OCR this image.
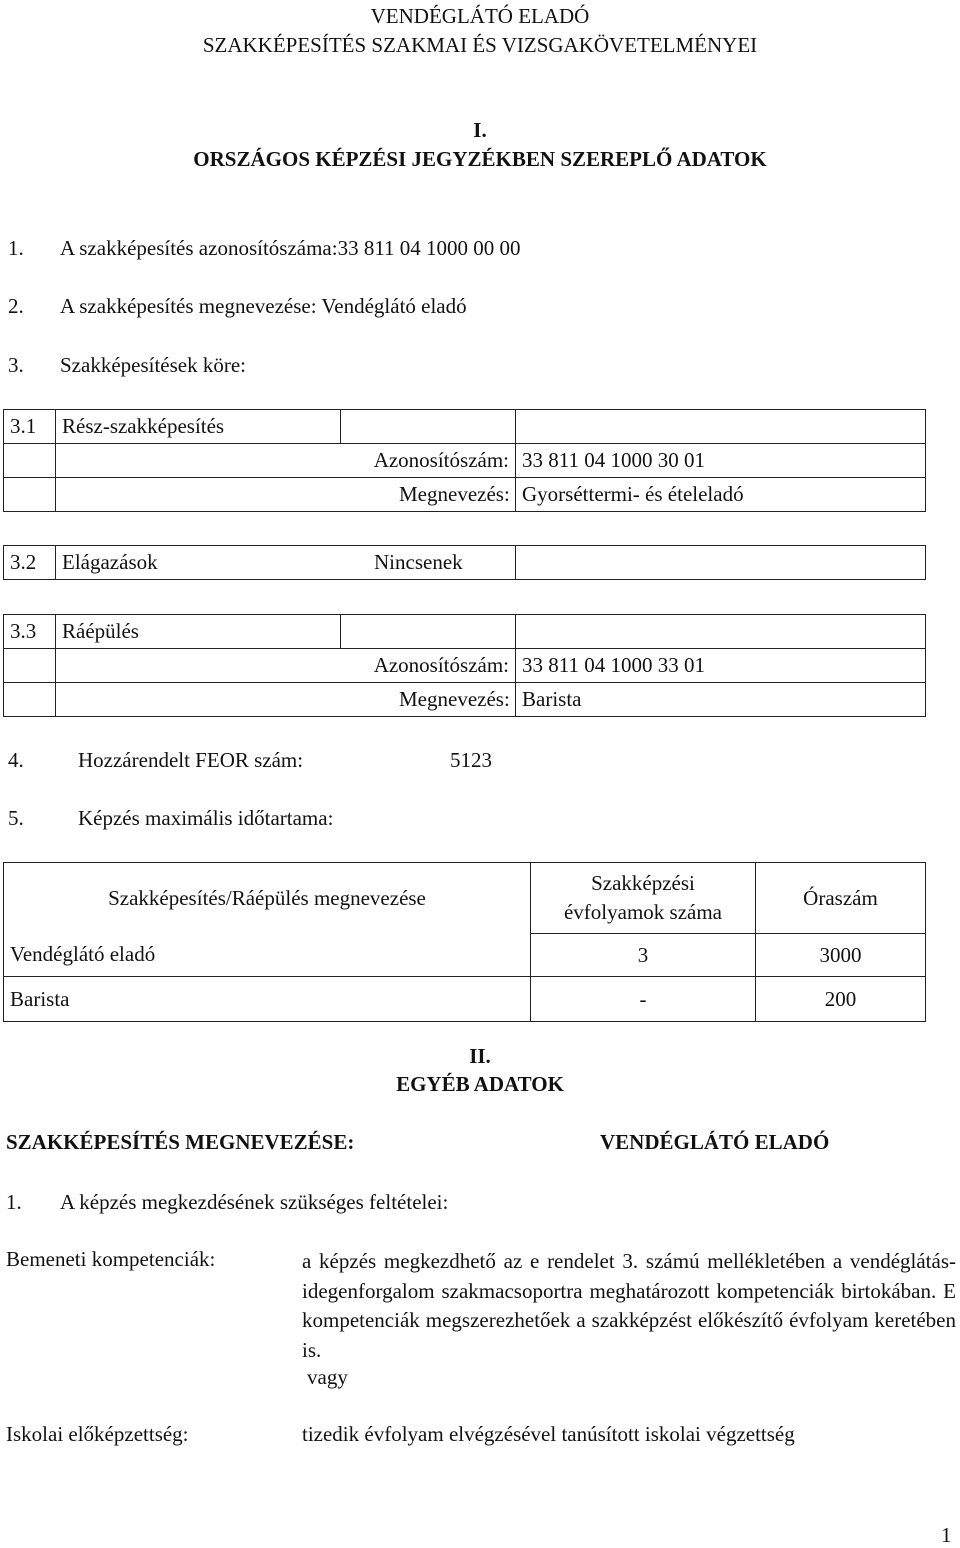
VENDÉGLÁTÓ ELADÓ
SZAKKÉPESÍTÉS SZAKMAI ÉS VIZSGAKÖVETELMÉNYEI
I.
ORSZÁGOS KÉPZÉSI JEGYZÉKBEN SZEREPLŐ ADATOK
1. A szakképesítés azonosítószáma:33 811 04 1000 00 00
2. A szakképesítés megnevezése: Vendéglátó eladó
3. Szakképesítések köre:
3.1	Rész-szakképesítés		
	Azonosítószám:		33 811 04 1000 30 01
	Megnevezés:		Gyorséttermi- és ételeladó
3.2	Elágazások	Nincsenek

3.3	Ráépülés		
	Azonosítószám:		33 811 04 1000 33 01
	Megnevezés:		Barista
4.	Hozzárendelt FEOR szám:	5123
5.	Képzés maximális időtartama:
Szakképesítés/Ráépülés megnevezése	Szakképzési
évfolyamok száma	Óraszám
Vendéglátó eladó	3	3000
Barista	-	200
II.
EGYÉB ADATOK
SZAKKÉPESÍTÉS MEGNEVEZÉSE:	VENDÉGLÁTÓ ELADÓ
1. A képzés megkezdésének szükséges feltételei:
Bemeneti kompetenciák:	a képzés megkezdhető az e rendelet 3. számú mellékletében a vendéglátás-idegenforgalom szakmacsoportra meghatározott kompetenciák birtokában. E kompetenciák megszerezhetőek a szakképzést előkészítő évfolyam keretében is.
vagy
Iskolai előképzettség:	tizedik évfolyam elvégzésével tanúsított iskolai végzettség
1
